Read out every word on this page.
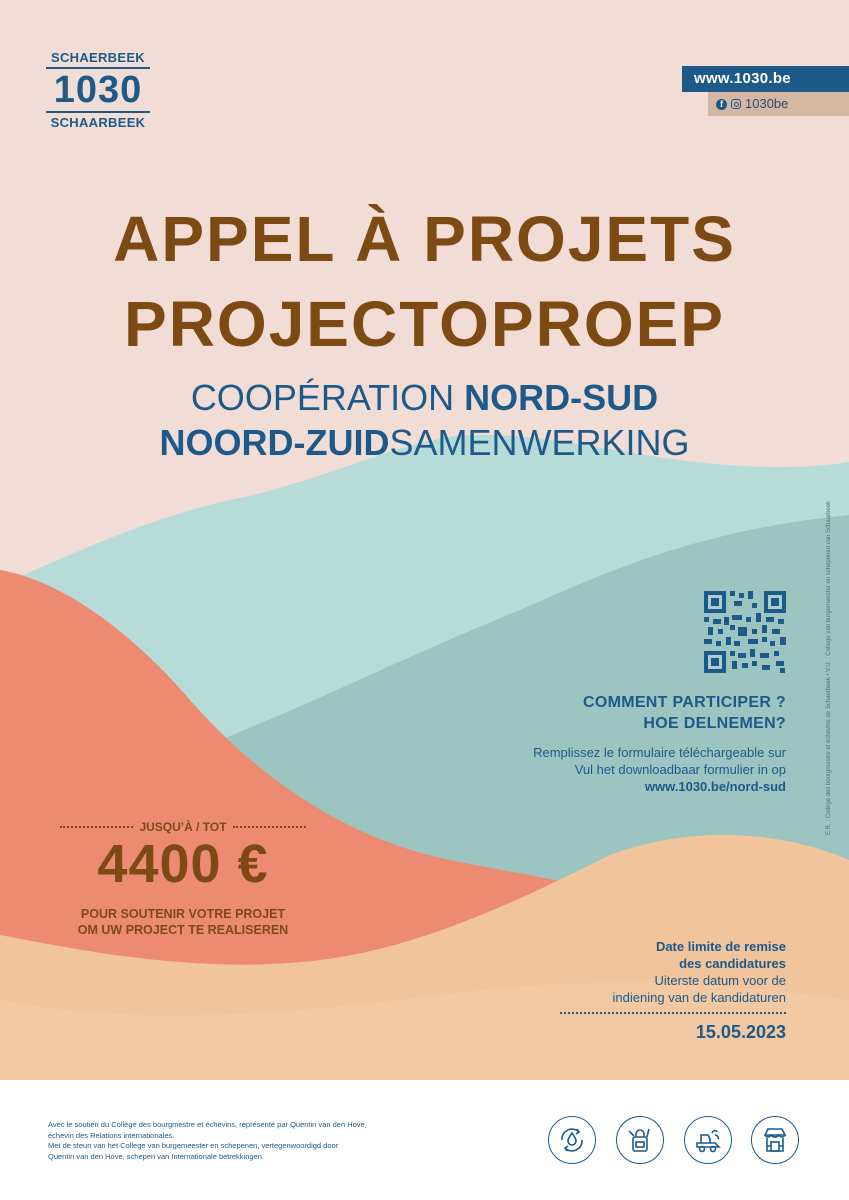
SCHAERBEEK
1030
SCHAARBEEK
www.1030.be
f	1030be
APPEL À PROJETS
PROJECTOPROEP
COOPÉRATION NORD-SUD
NOORD-ZUIDSAMENWERKING
COMMENT PARTICIPER ?
HOE DELNEMEN?

Remplissez le formulaire téléchargeable sur

Vul het downloadbaar formulier in op

www.1030.be/nord-sud

JUSQU’À / TOT
4400 €
POUR SOUTENIR VOTRE PROJET
OM UW PROJECT TE REALISEREN
Date limite de remise
des candidatures
Uiterste datum voor de
indiening van de kandidaturen
15.05.2023
E.R. : Collège des bourgmestre et échevins de Schaerbeek • V.U. : College van burgemeester en schepenen van Schaarbeek
Avec le soutien du Collège des bourgmestre et échevins, représenté par Quentin van den Hove,
échevin des Relations internationales.
Met de steun van het College van burgemeester en schepenen, vertegenwoordigd door
Quentin van den Hove, schepen van Internationale betrekkingen.
